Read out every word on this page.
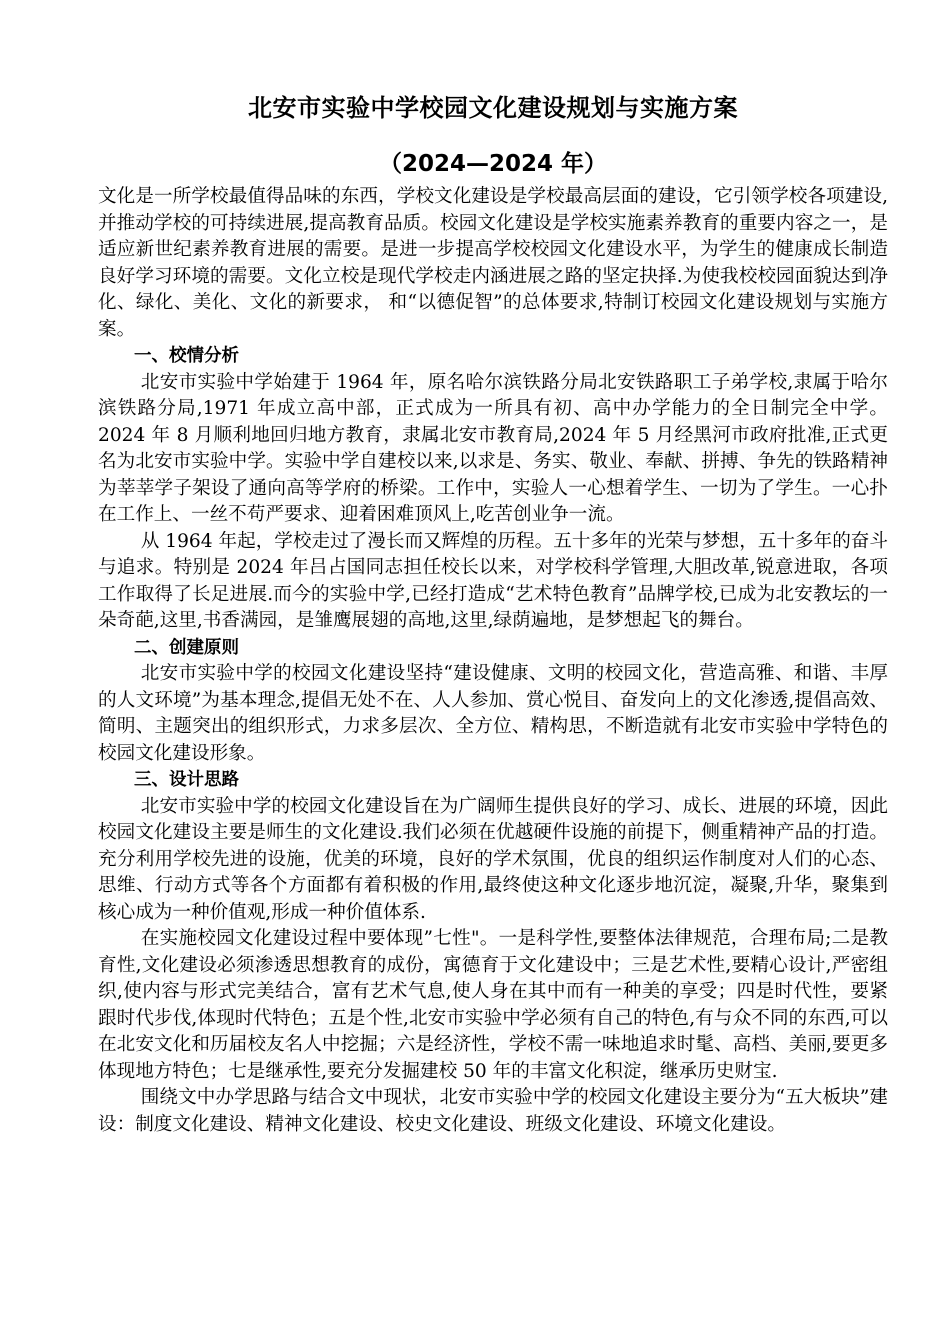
北安市实验中学校园文化建设规划与实施方案
（2024—2024 年）

文化是一所学校最值得品味的东西，学校文化建设是学校最高层面的建设，它引领学校各项建设,并推动学校的可持续进展,提高教育品质。校园文化建设是学校实施素养教育的重要内容之一，是适应新世纪素养教育进展的需要。是进一步提高学校校园文化建设水平，为学生的健康成长制造良好学习环境的需要。文化立校是现代学校走内涵进展之路的坚定抉择.为使我校校园面貌达到净化、绿化、美化、文化的新要求， 和“以德促智”的总体要求,特制订校园文化建设规划与实施方案。

一、校情分析

北安市实验中学始建于 1964 年，原名哈尔滨铁路分局北安铁路职工子弟学校,隶属于哈尔滨铁路分局,1971 年成立高中部，正式成为一所具有初、高中办学能力的全日制完全中学。2024 年 8 月顺利地回归地方教育，隶属北安市教育局,2024 年 5 月经黑河市政府批准,正式更名为北安市实验中学。实验中学自建校以来,以求是、务实、敬业、奉献、拼搏、争先的铁路精神为莘莘学子架设了通向高等学府的桥梁。工作中，实验人一心想着学生、一切为了学生。一心扑在工作上、一丝不苟严要求、迎着困难顶风上,吃苦创业争一流。

从 1964 年起，学校走过了漫长而又辉煌的历程。五十多年的光荣与梦想，五十多年的奋斗与追求。特别是 2024 年吕占国同志担任校长以来，对学校科学管理,大胆改革,锐意进取，各项工作取得了长足进展.而今的实验中学,已经打造成“艺术特色教育”品牌学校,已成为北安教坛的一朵奇葩,这里,书香满园，是雏鹰展翅的高地,这里,绿荫遍地，是梦想起飞的舞台。

二、创建原则

北安市实验中学的校园文化建设坚持“建设健康、文明的校园文化，营造高雅、和谐、丰厚的人文环境”为基本理念,提倡无处不在、人人参加、赏心悦目、奋发向上的文化渗透,提倡高效、简明、主题突出的组织形式，力求多层次、全方位、精构思，不断造就有北安市实验中学特色的校园文化建设形象。

三、设计思路

北安市实验中学的校园文化建设旨在为广阔师生提供良好的学习、成长、进展的环境，因此校园文化建设主要是师生的文化建设.我们必须在优越硬件设施的前提下，侧重精神产品的打造。充分利用学校先进的设施，优美的环境，良好的学术氛围，优良的组织运作制度对人们的心态、思维、行动方式等各个方面都有着积极的作用,最终使这种文化逐步地沉淀，凝聚,升华，聚集到核心成为一种价值观,形成一种价值体系.

在实施校园文化建设过程中要体现”七性"。一是科学性,要整体法律规范，合理布局;二是教育性,文化建设必须渗透思想教育的成份，寓德育于文化建设中；三是艺术性,要精心设计,严密组织,使内容与形式完美结合，富有艺术气息,使人身在其中而有一种美的享受；四是时代性，要紧跟时代步伐,体现时代特色；五是个性,北安市实验中学必须有自己的特色,有与众不同的东西,可以在北安文化和历届校友名人中挖掘；六是经济性，学校不需一味地追求时髦、高档、美丽,要更多体现地方特色；七是继承性,要充分发掘建校 50 年的丰富文化积淀，继承历史财宝.

围绕文中办学思路与结合文中现状，北安市实验中学的校园文化建设主要分为“五大板块”建设：制度文化建设、精神文化建设、校史文化建设、班级文化建设、环境文化建设。
